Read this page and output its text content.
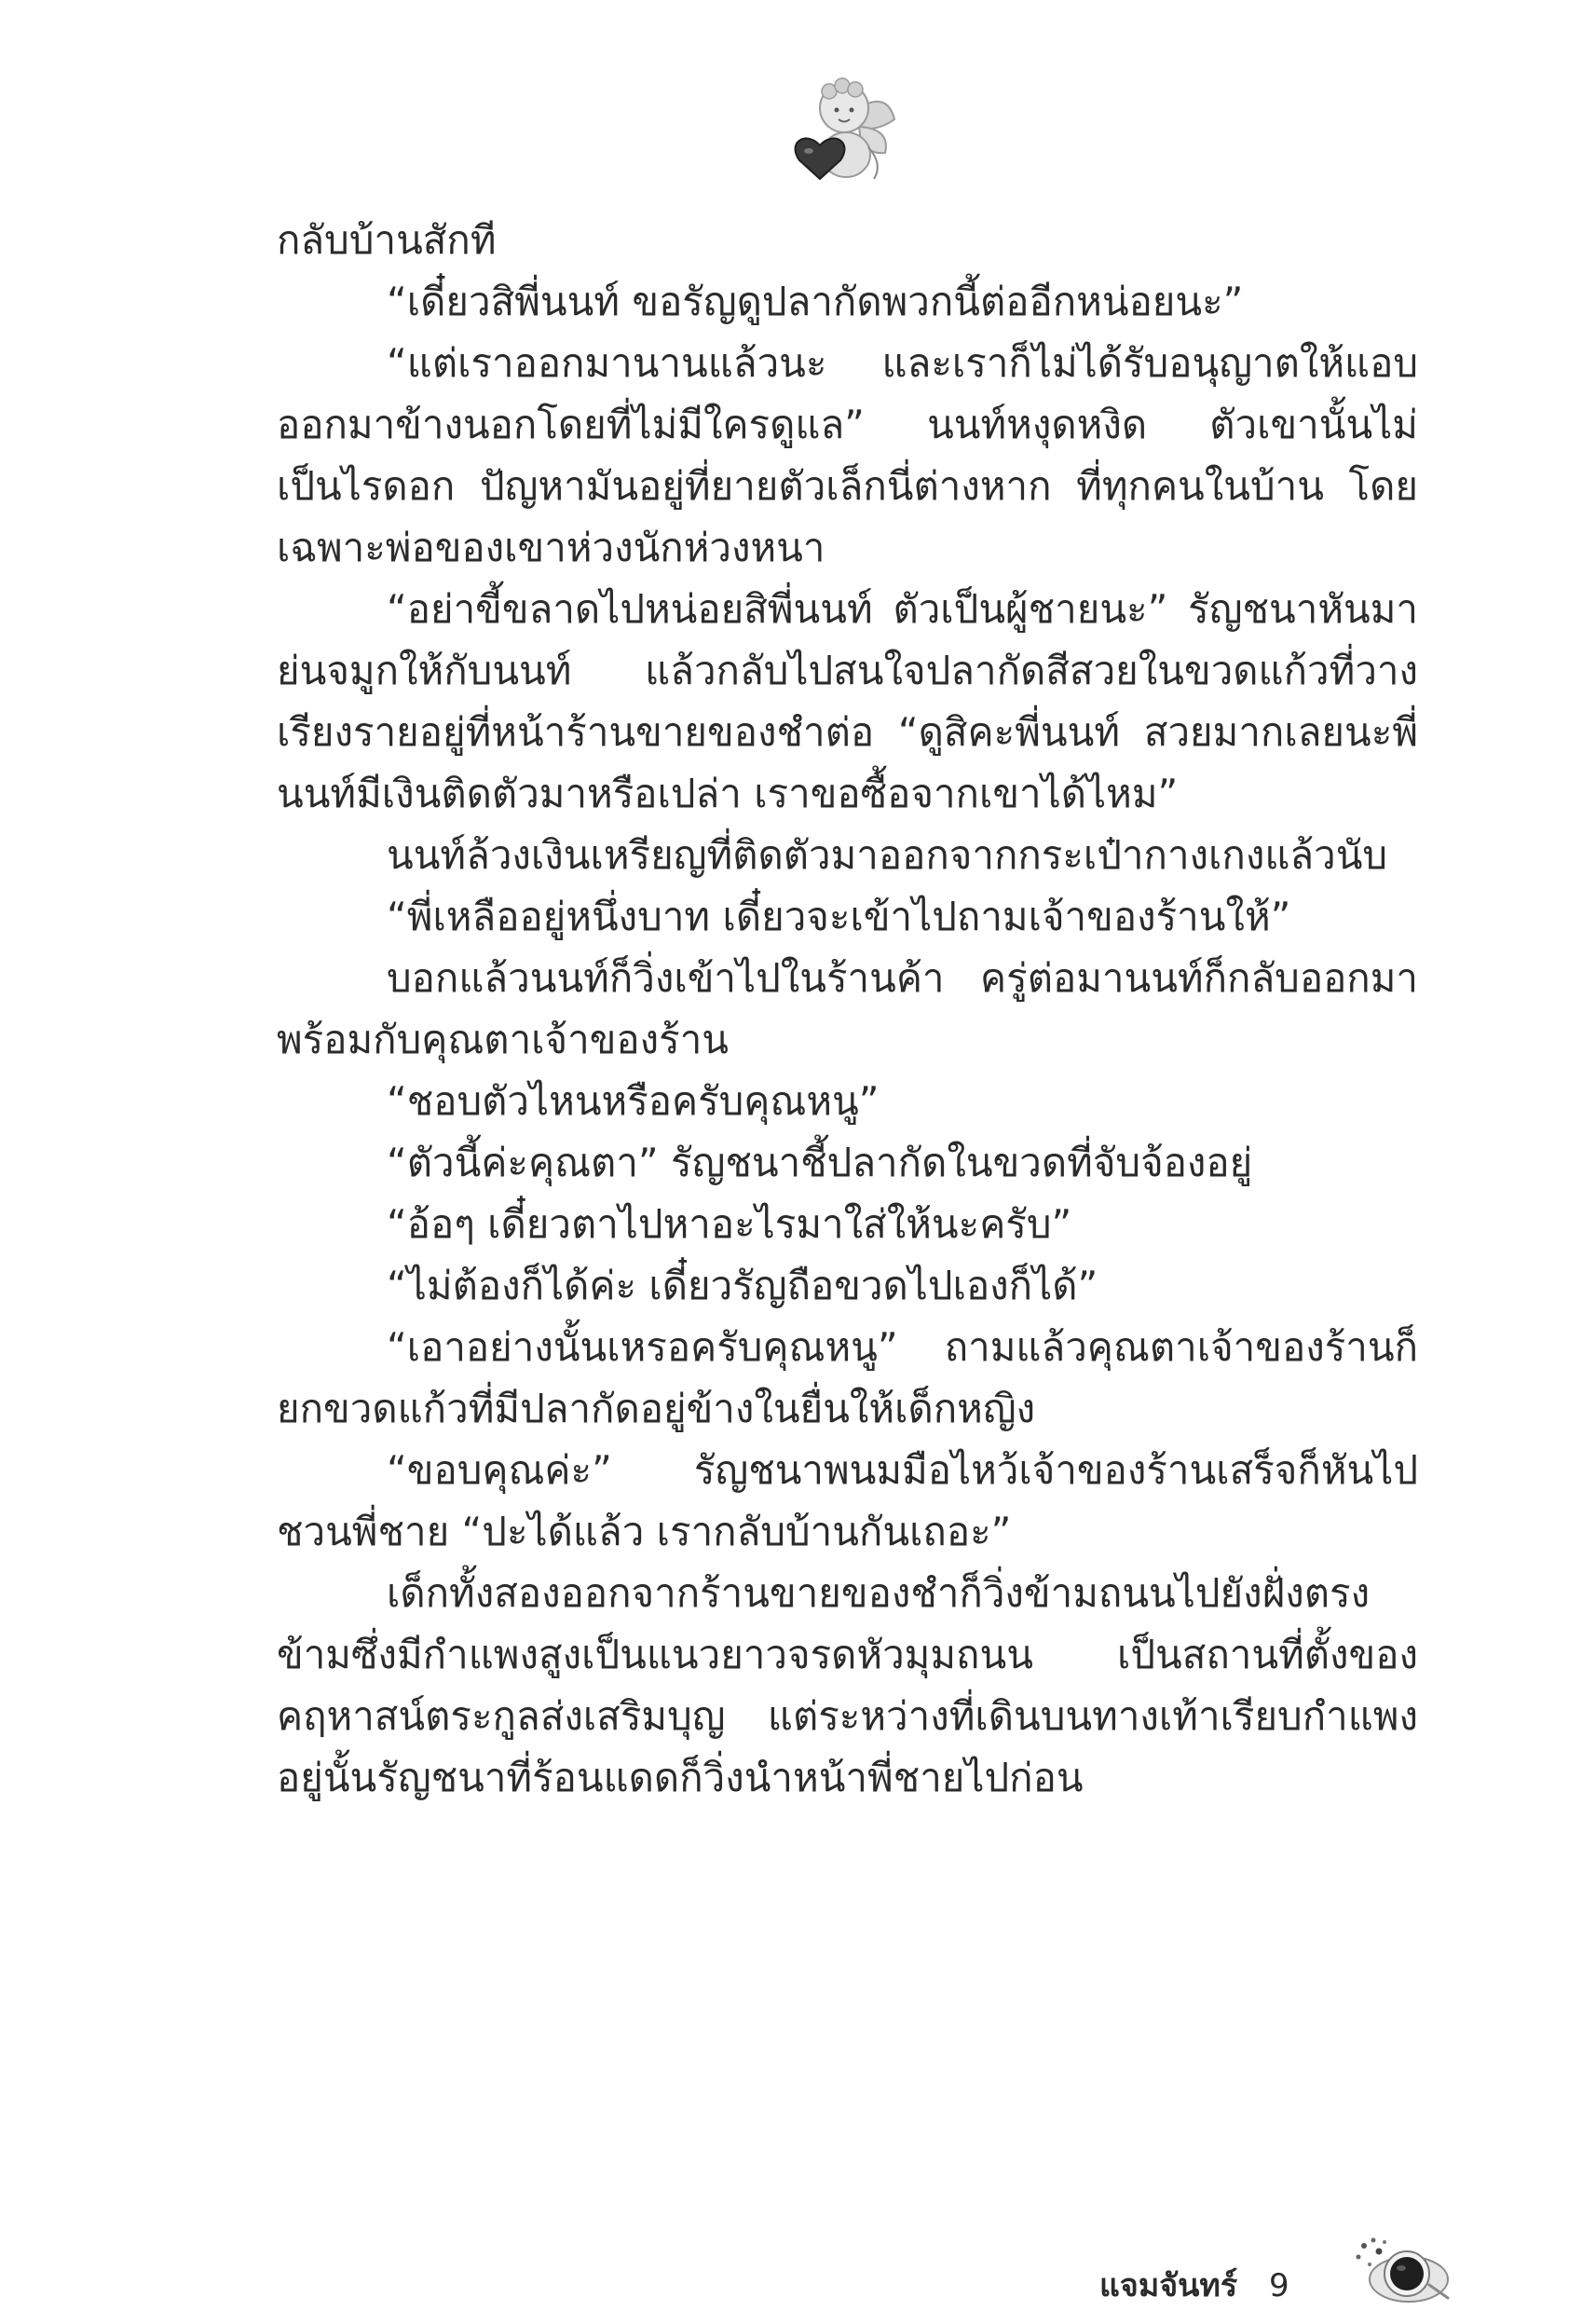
กลับบ้านสักที

“เดี๋ยวสิพี่นนท์ ขอรัญดูปลากัดพวกนี้ต่ออีกหน่อยนะ”

“แต่เราออกมานานแล้วนะ และเราก็ไม่ได้รับอนุญาตให้แอบออกมาข้างนอกโดยที่ไม่มีใครดูแล” นนท์หงุดหงิด ตัวเขานั้นไม่เป็นไรดอก ปัญหามันอยู่ที่ยายตัวเล็กนี่ต่างหาก ที่ทุกคนในบ้าน โดยเฉพาะพ่อของเขาห่วงนักห่วงหนา

“อย่าขี้ขลาดไปหน่อยสิพี่นนท์ ตัวเป็นผู้ชายนะ” รัญชนาหันมาย่นจมูกให้กับนนท์ แล้วกลับไปสนใจปลากัดสีสวยในขวดแก้วที่วางเรียงรายอยู่ที่หน้าร้านขายของชำต่อ “ดูสิคะพี่นนท์ สวยมากเลยนะพี่นนท์มีเงินติดตัวมาหรือเปล่า เราขอซื้อจากเขาได้ไหม”

นนท์ล้วงเงินเหรียญที่ติดตัวมาออกจากกระเป๋ากางเกงแล้วนับ

“พี่เหลืออยู่หนึ่งบาท เดี๋ยวจะเข้าไปถามเจ้าของร้านให้”

บอกแล้วนนท์ก็วิ่งเข้าไปในร้านค้า ครู่ต่อมานนท์ก็กลับออกมาพร้อมกับคุณตาเจ้าของร้าน

“ชอบตัวไหนหรือครับคุณหนู”

“ตัวนี้ค่ะคุณตา” รัญชนาชี้ปลากัดในขวดที่จับจ้องอยู่

“อ้อๆ เดี๋ยวตาไปหาอะไรมาใส่ให้นะครับ”

“ไม่ต้องก็ได้ค่ะ เดี๋ยวรัญถือขวดไปเองก็ได้”

“เอาอย่างนั้นเหรอครับคุณหนู” ถามแล้วคุณตาเจ้าของร้านก็ยกขวดแก้วที่มีปลากัดอยู่ข้างในยื่นให้เด็กหญิง

“ขอบคุณค่ะ” รัญชนาพนมมือไหว้เจ้าของร้านเสร็จก็หันไปชวนพี่ชาย “ปะได้แล้ว เรากลับบ้านกันเถอะ”

เด็กทั้งสองออกจากร้านขายของชำก็วิ่งข้ามถนนไปยังฝั่งตรงข้ามซึ่งมีกำแพงสูงเป็นแนวยาวจรดหัวมุมถนน เป็นสถานที่ตั้งของคฤหาสน์ตระกูลส่งเสริมบุญ แต่ระหว่างที่เดินบนทางเท้าเรียบกำแพงอยู่นั้นรัญชนาที่ร้อนแดดก็วิ่งนำหน้าพี่ชายไปก่อน

แจมจันทร์ 9
